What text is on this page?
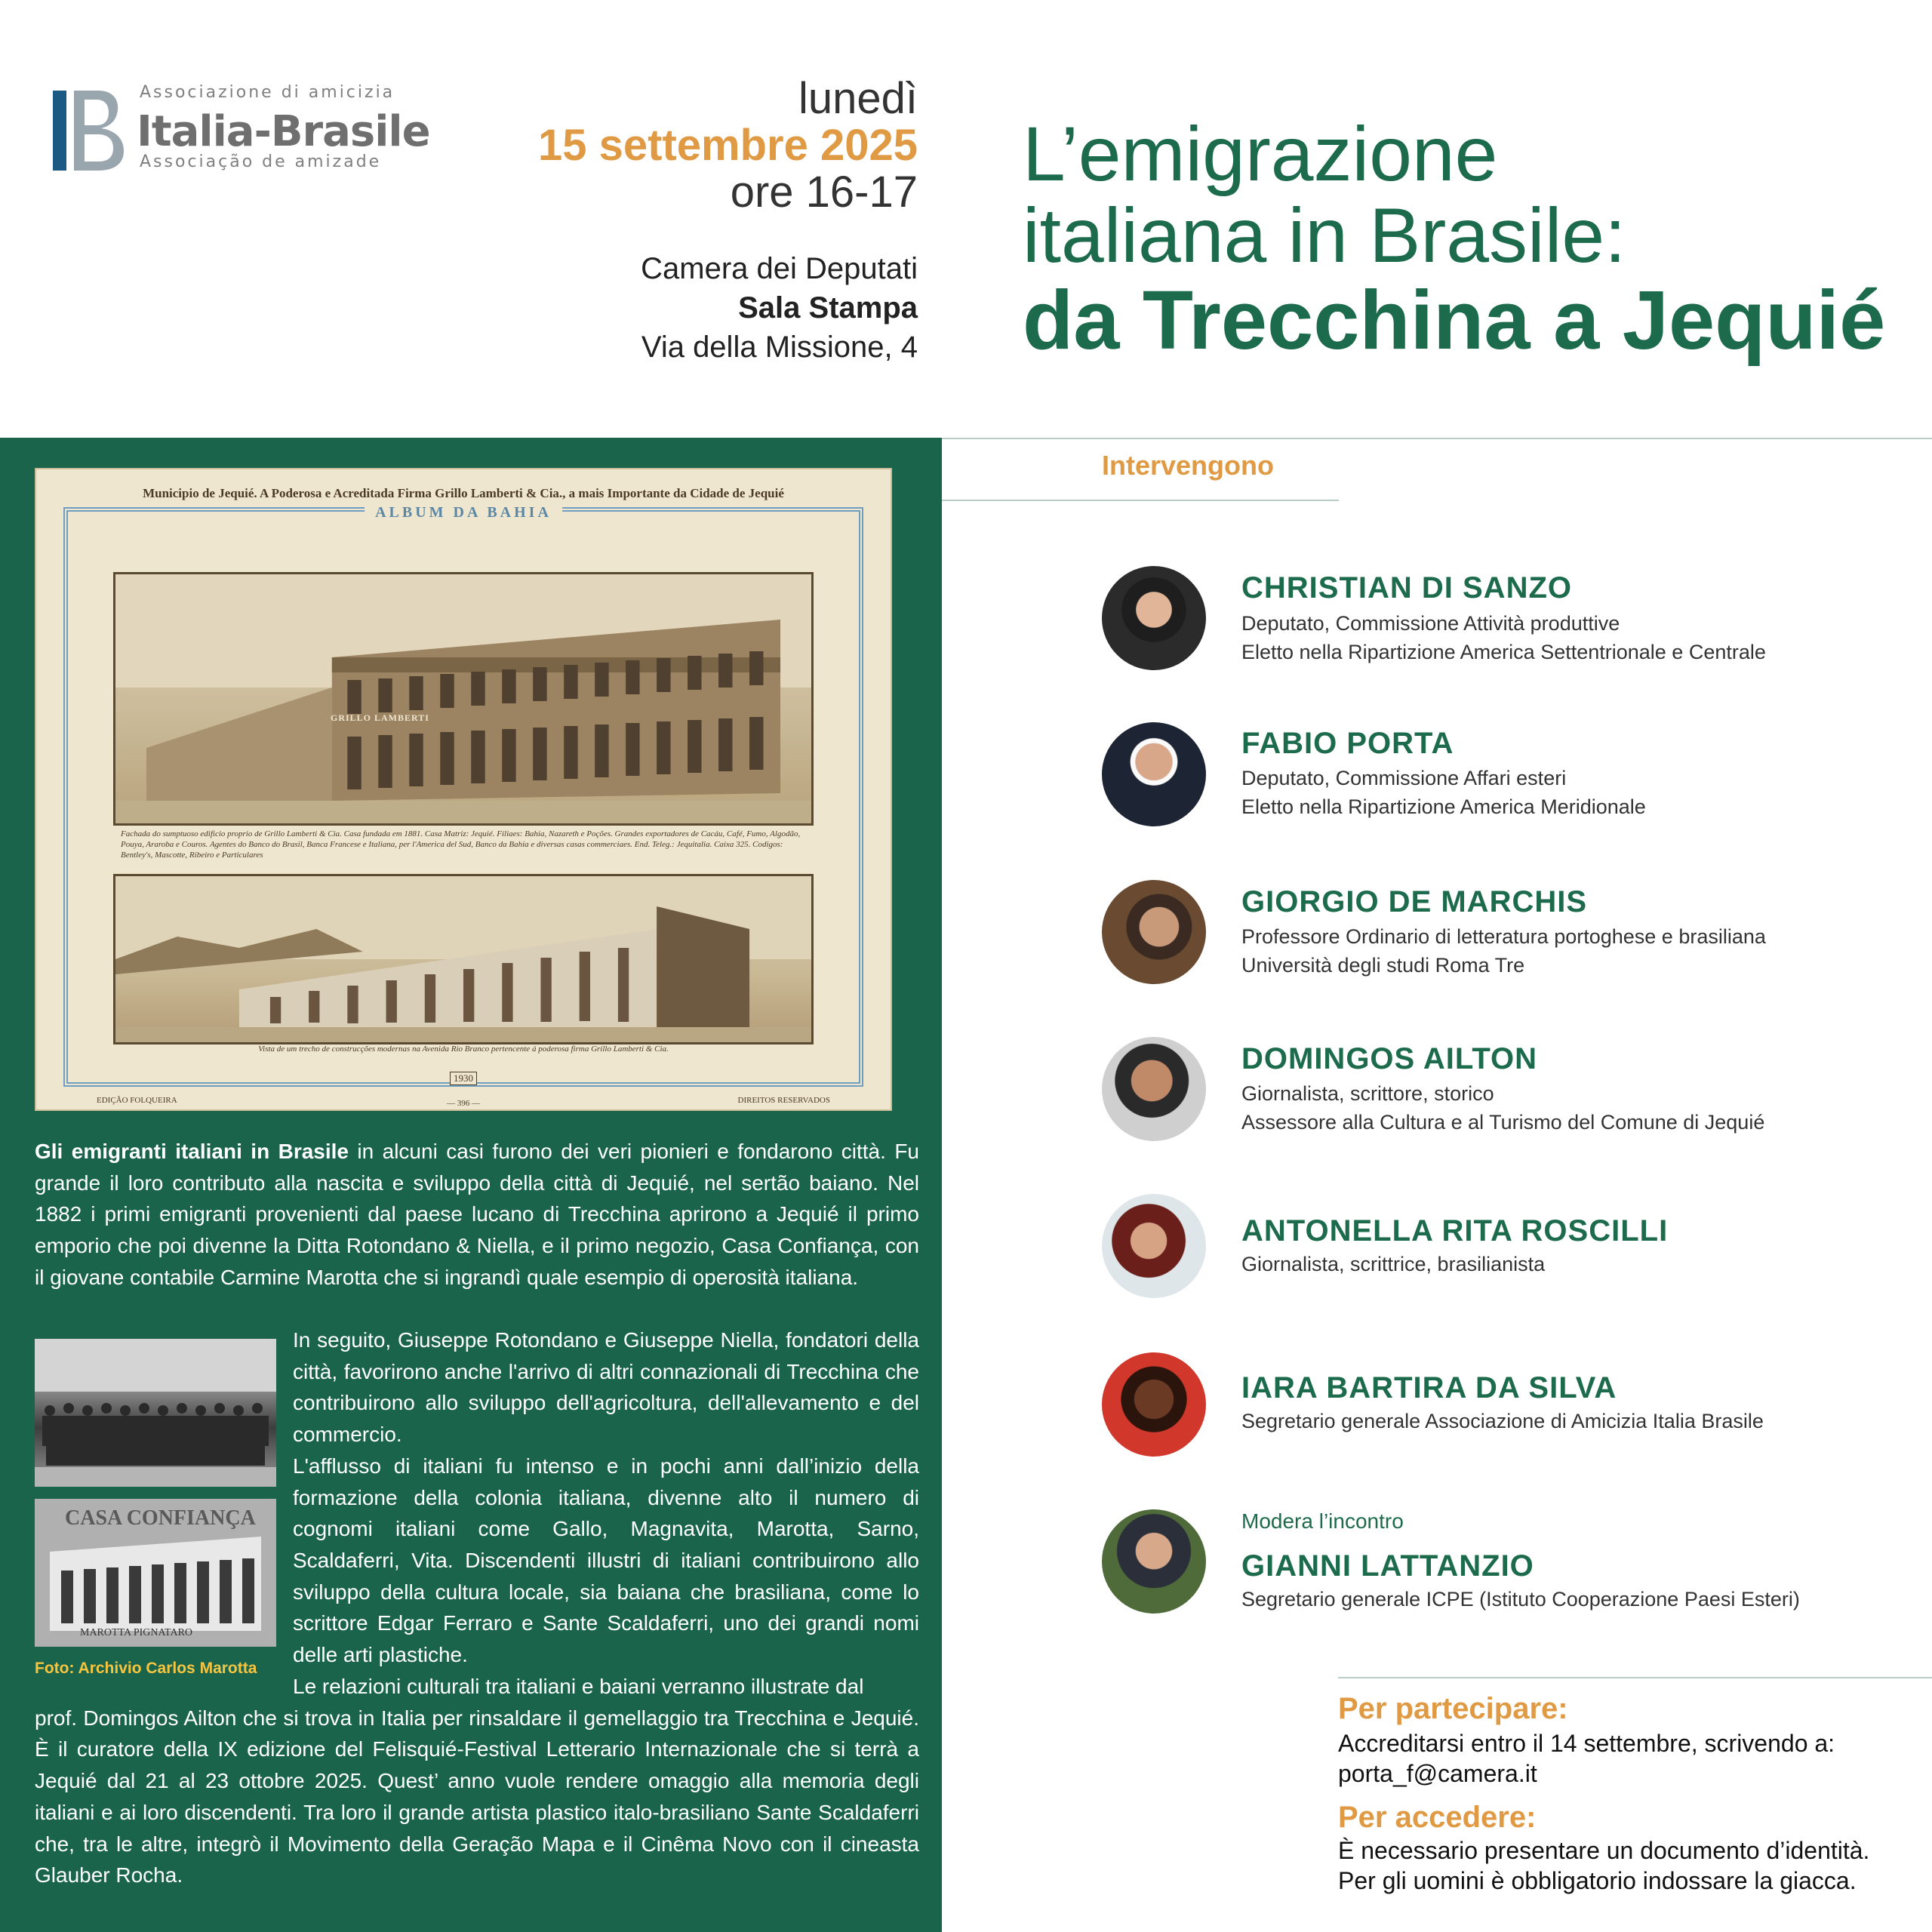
Associazione di amicizia
Italia-Brasile
Associação de amizade
lunedì
15 settembre 2025
ore 16-17
Camera dei Deputati
Sala Stampa
Via della Missione, 4
L’emigrazione
italiana in Brasile:
da Trecchina a Jequié
Municipio de Jequié. A Poderosa e Acreditada Firma Grillo Lamberti & Cia., a mais Importante da Cidade de Jequié
ALBUM DA BAHIA
GRILLO LAMBERTI
Fachada do sumptuoso edificio proprio de Grillo Lamberti & Cia. Casa fundada em 1881. Casa Matriz: Jequié. Filiaes: Bahia, Nazareth e Poções. Grandes exportadores de Cacáu, Café, Fumo, Algodão, Pouya, Araroba e Couros. Agentes do Banco do Brasil, Banca Francese e Italiana, per l'America del Sud, Banco da Bahia e diversas casas commerciaes. End. Teleg.: Jequitalia. Caixa 325. Codigos: Bentley's, Mascotte, Ribeiro e Particulares
Vista de um trecho de construcções modernas na Avenida Rio Branco pertencente á poderosa firma Grillo Lamberti & Cia.
1930
EDIÇÃO FOLQUEIRA	— 396 —	DIREITOS RESERVADOS
Gli emigranti italiani in Brasile in alcuni casi furono dei veri pionieri e fondarono città. Fu grande il loro contributo alla nascita e sviluppo della città di Jequié, nel sertão baiano. Nel 1882 i primi emigranti provenienti dal paese lucano di Trecchina aprirono a Jequié il primo emporio che poi divenne la Ditta Rotondano & Niella, e il primo negozio, Casa Confiança, con il giovane contabile Carmine Marotta che si ingrandì quale esempio di operosità italiana.
CASA CONFIANÇA
MAROTTA PIGNATARO
Foto: Archivio Carlos Marotta
In seguito, Giuseppe Rotondano e Giuseppe Niella, fondatori della città, favorirono anche l'arrivo di altri connazionali di Trecchina che contribuirono allo sviluppo dell'agricoltura, dell'allevamento e del commercio.
L'afflusso di italiani fu intenso e in pochi anni dall’inizio della formazione della colonia italiana, divenne alto il numero di cognomi italiani come Gallo, Magnavita, Marotta, Sarno, Scaldaferri, Vita. Discendenti illustri di italiani contribuirono allo sviluppo della cultura locale, sia baiana che brasiliana, come lo scrittore Edgar Ferraro e Sante Scaldaferri, uno dei grandi nomi delle arti plastiche.
Le relazioni culturali tra italiani e baiani verranno illustrate dal
prof. Domingos Ailton che si trova in Italia per rinsaldare il gemellaggio tra Trecchina e Jequié. È il curatore della IX edizione del Felisquié-Festival Letterario Internazionale che si terrà a Jequié dal 21 al 23 ottobre 2025. Quest’ anno vuole rendere omaggio alla memoria degli italiani e ai loro discendenti. Tra loro il grande artista plastico italo-brasiliano Sante Scaldaferri che, tra le altre, integrò il Movimento della Geração Mapa e il Cinêma Novo con il cineasta Glauber Rocha.
Intervengono
CHRISTIAN DI SANZO
Deputato, Commissione Attività produttive
Eletto nella Ripartizione America Settentrionale e Centrale
FABIO PORTA
Deputato, Commissione Affari esteri
Eletto nella Ripartizione America Meridionale
GIORGIO DE MARCHIS
Professore Ordinario di letteratura portoghese e brasiliana
Università degli studi Roma Tre
DOMINGOS AILTON
Giornalista, scrittore, storico
Assessore alla Cultura e al Turismo del Comune di Jequié
ANTONELLA RITA ROSCILLI
Giornalista, scrittrice, brasilianista
IARA BARTIRA DA SILVA
Segretario generale Associazione di Amicizia Italia Brasile
Modera l’incontro
GIANNI LATTANZIO
Segretario generale ICPE (Istituto Cooperazione Paesi Esteri)
Per partecipare:
Accreditarsi entro il 14 settembre, scrivendo a:
porta_f@camera.it
Per accedere:
È necessario presentare un documento d’identità.
Per gli uomini è obbligatorio indossare la giacca.
